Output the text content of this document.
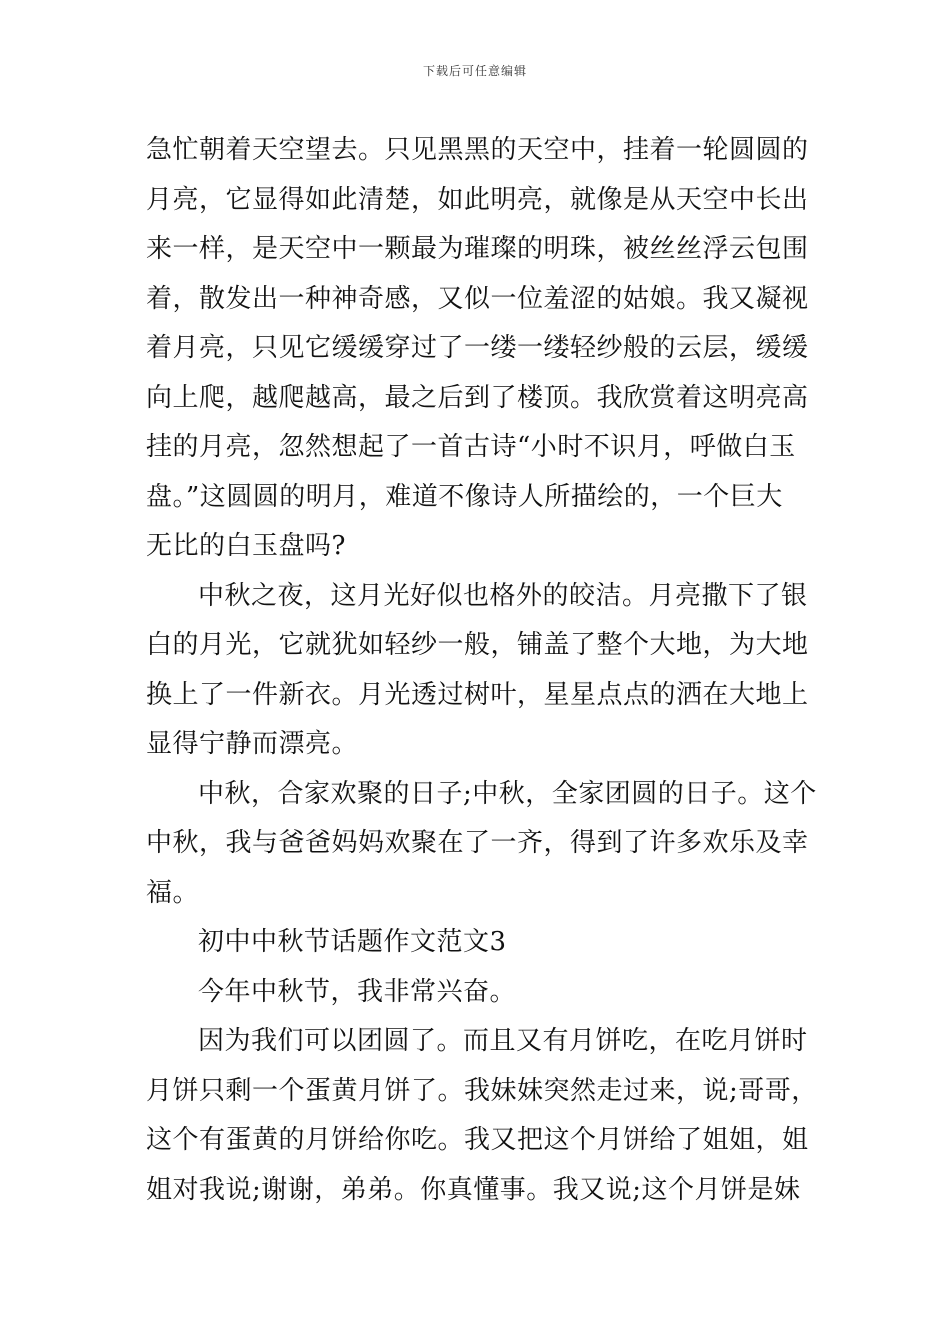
下载后可任意编辑
急忙朝着天空望去。只见黑黑的天空中，挂着一轮圆圆的
月亮，它显得如此清楚，如此明亮，就像是从天空中长出
来一样，是天空中一颗最为璀璨的明珠，被丝丝浮云包围
着，散发出一种神奇感，又似一位羞涩的姑娘。我又凝视
着月亮，只见它缓缓穿过了一缕一缕轻纱般的云层，缓缓
向上爬，越爬越高，最之后到了楼顶。我欣赏着这明亮高
挂的月亮，忽然想起了一首古诗“小时不识月，呼做白玉
盘。”这圆圆的明月，难道不像诗人所描绘的，一个巨大
无比的白玉盘吗?
中秋之夜，这月光好似也格外的皎洁。月亮撒下了银
白的月光，它就犹如轻纱一般，铺盖了整个大地，为大地
换上了一件新衣。月光透过树叶，星星点点的洒在大地上
显得宁静而漂亮。
中秋，合家欢聚的日子;中秋，全家团圆的日子。这个
中秋，我与爸爸妈妈欢聚在了一齐，得到了许多欢乐及幸
福。
初中中秋节话题作文范文3
今年中秋节，我非常兴奋。
因为我们可以团圆了。而且又有月饼吃，在吃月饼时
月饼只剩一个蛋黄月饼了。我妹妹突然走过来，说;哥哥，
这个有蛋黄的月饼给你吃。我又把这个月饼给了姐姐，姐
姐对我说;谢谢，弟弟。你真懂事。我又说;这个月饼是妹
